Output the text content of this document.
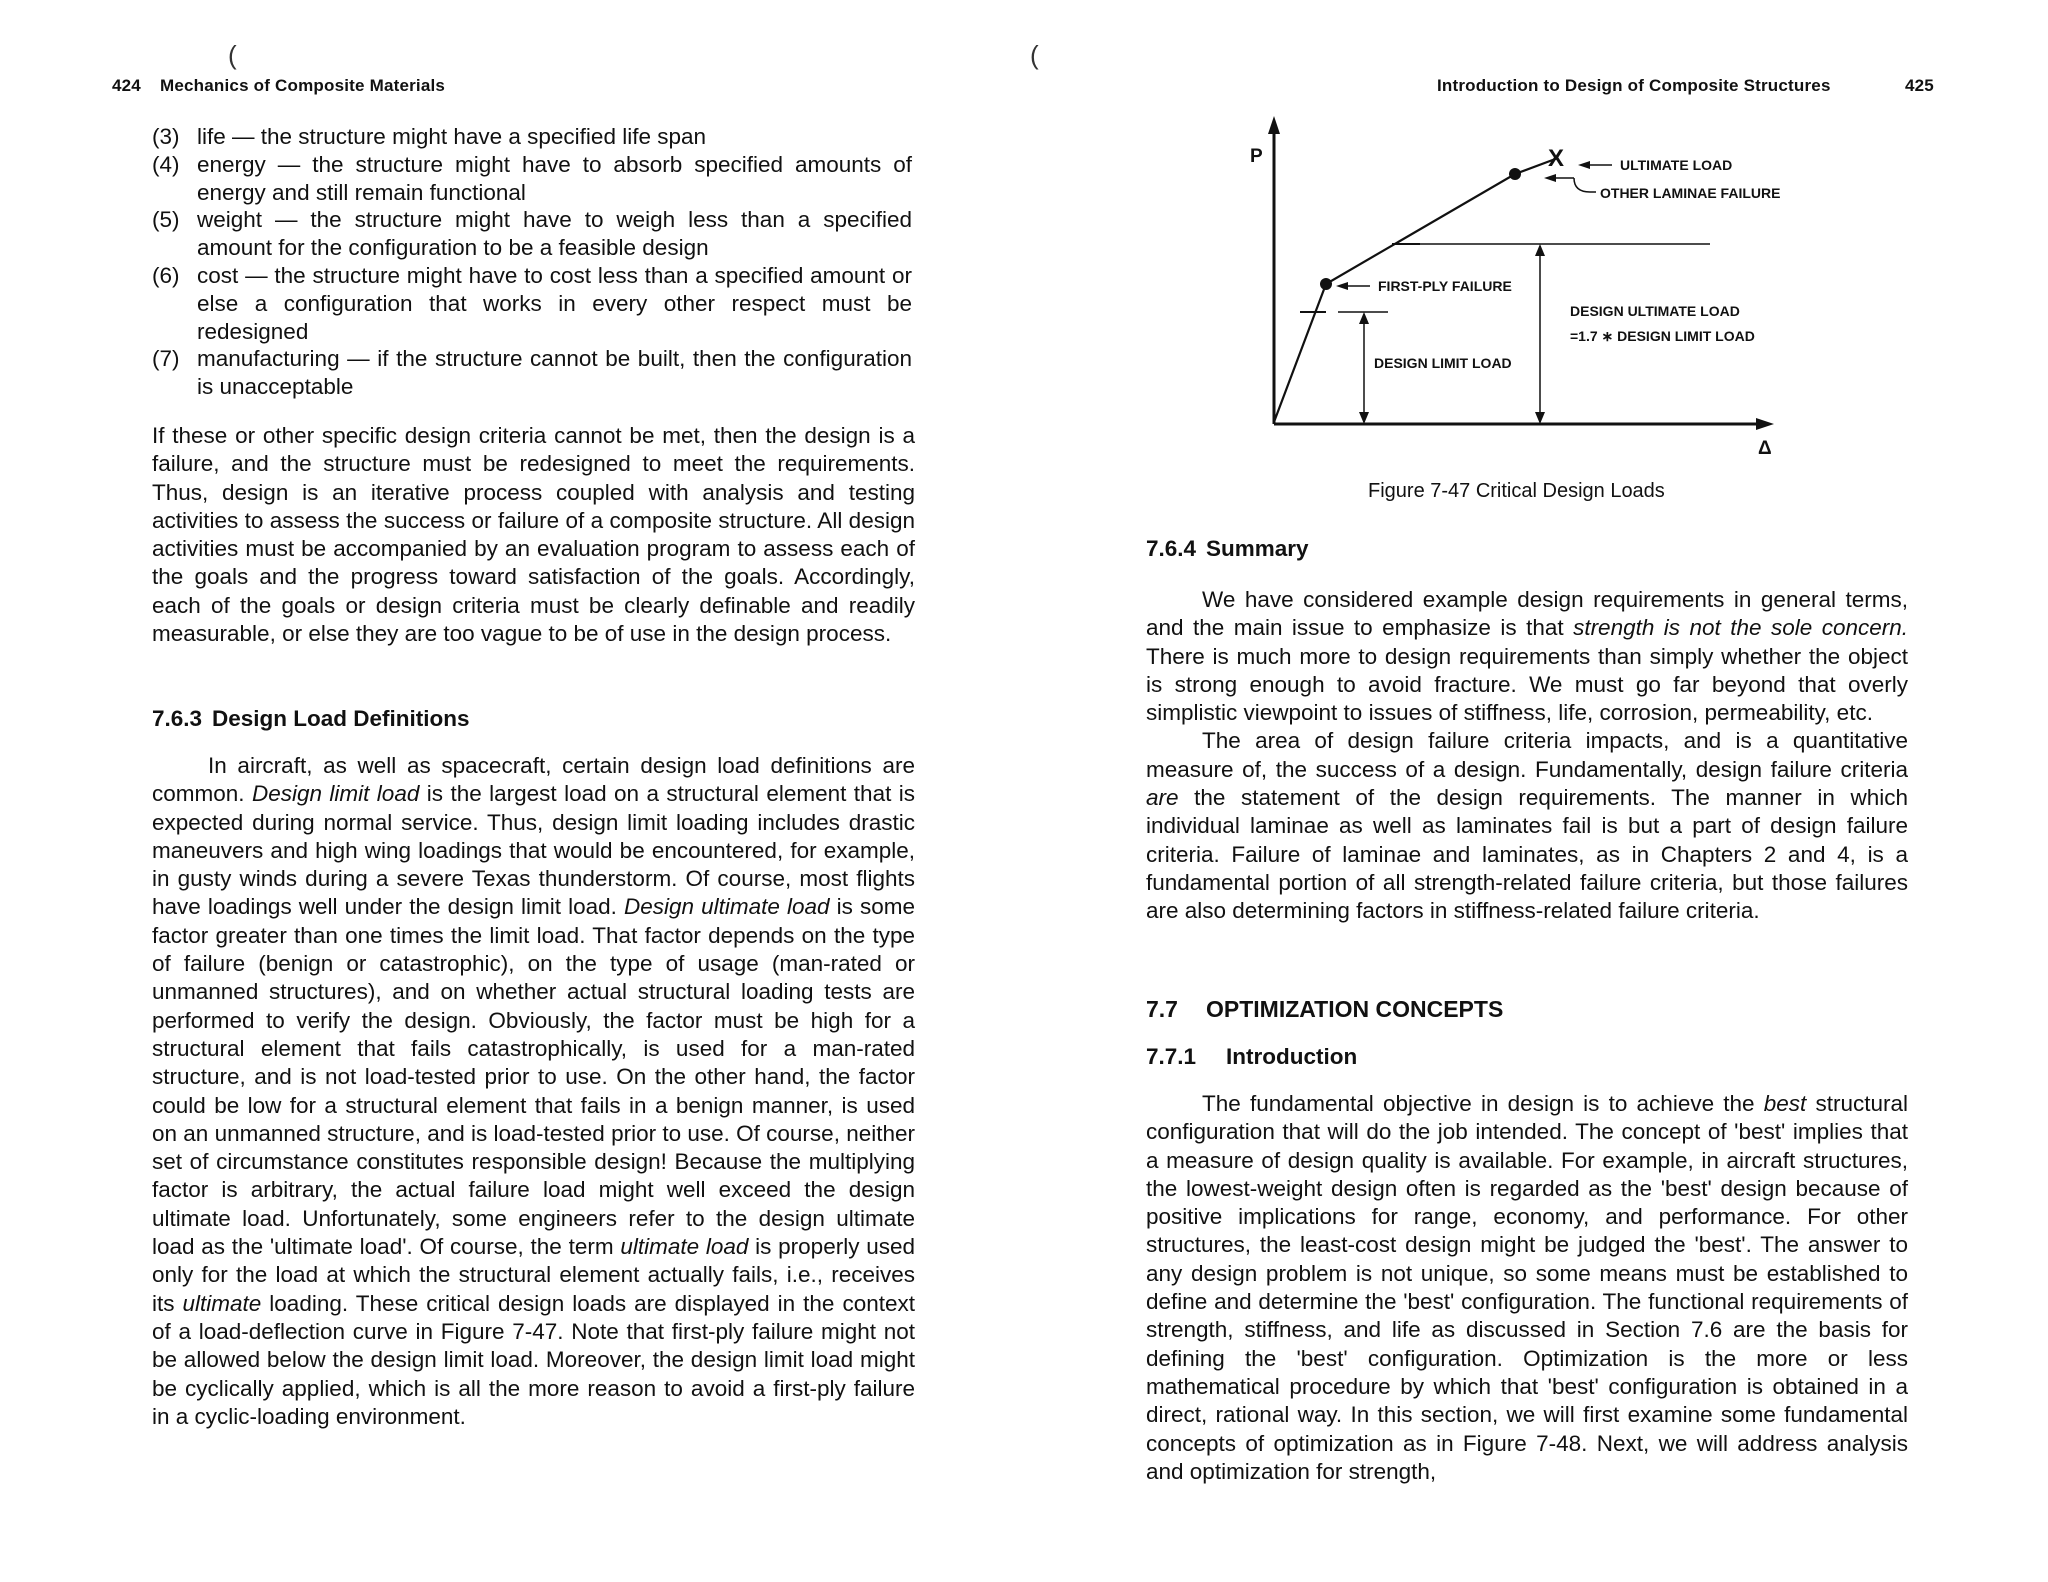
424 Mechanics of Composite Materials
(	(
(3) life — the structure might have a specified life span
(4) energy — the structure might have to absorb specified amounts of energy and still remain functional
(5) weight — the structure might have to weigh less than a specified amount for the configuration to be a feasible design
(6) cost — the structure might have to cost less than a specified amount or else a configuration that works in every other respect must be redesigned
(7) manufacturing — if the structure cannot be built, then the configuration is unacceptable

If these or other specific design criteria cannot be met, then the design is a failure, and the structure must be redesigned to meet the requirements. Thus, design is an iterative process coupled with analysis and testing activities to assess the success or failure of a composite structure. All design activities must be accompanied by an evaluation program to assess each of the goals and the progress toward satisfaction of the goals. Accordingly, each of the goals or design criteria must be clearly definable and readily measurable, or else they are too vague to be of use in the design process.

7.6.3 Design Load Definitions

In aircraft, as well as spacecraft, certain design load definitions are common. Design limit load is the largest load on a structural element that is expected during normal service. Thus, design limit loading includes drastic maneuvers and high wing loadings that would be encountered, for example, in gusty winds during a severe Texas thunderstorm. Of course, most flights have loadings well under the design limit load. Design ultimate load is some factor greater than one times the limit load. That factor depends on the type of failure (benign or catastrophic), on the type of usage (man-rated or unmanned structures), and on whether actual structural loading tests are performed to verify the design. Obviously, the factor must be high for a structural element that fails catastrophically, is used for a man-rated structure, and is not load-tested prior to use. On the other hand, the factor could be low for a structural element that fails in a benign manner, is used on an unmanned structure, and is load-tested prior to use. Of course, neither set of circumstance constitutes responsible design! Because the multiplying factor is arbitrary, the actual failure load might well exceed the design ultimate load. Unfortunately, some engineers refer to the design ultimate load as the 'ultimate load'. Of course, the term ultimate load is properly used only for the load at which the structural element actually fails, i.e., receives its ultimate loading. These critical design loads are displayed in the context of a load-deflection curve in Figure 7-47. Note that first-ply failure might not be allowed below the design limit load. Moreover, the design limit load might be cyclically applied, which is all the more reason to avoid a first-ply failure in a cyclic-loading environment.

Introduction to Design of Composite Structures	425
P
Δ
X	ULTIMATE LOAD
OTHER LAMINAE FAILURE
FIRST-PLY FAILURE
DESIGN ULTIMATE LOAD
=1.7 ∗ DESIGN LIMIT LOAD
DESIGN LIMIT LOAD
Figure 7-47 Critical Design Loads
7.6.4 Summary

We have considered example design requirements in general terms, and the main issue to emphasize is that strength is not the sole concern. There is much more to design requirements than simply whether the object is strong enough to avoid fracture. We must go far beyond that overly simplistic viewpoint to issues of stiffness, life, corrosion, permeability, etc.

The area of design failure criteria impacts, and is a quantitative measure of, the success of a design. Fundamentally, design failure criteria are the statement of the design requirements. The manner in which individual laminae as well as laminates fail is but a part of design failure criteria. Failure of laminae and laminates, as in Chapters 2 and 4, is a fundamental portion of all strength-related failure criteria, but those failures are also determining factors in stiffness-related failure criteria.

7.7 OPTIMIZATION CONCEPTS
7.7.1 Introduction

The fundamental objective in design is to achieve the best structural configuration that will do the job intended. The concept of 'best' implies that a measure of design quality is available. For example, in aircraft structures, the lowest-weight design often is regarded as the 'best' design because of positive implications for range, economy, and performance. For other structures, the least-cost design might be judged the 'best'. The answer to any design problem is not unique, so some means must be established to define and determine the 'best' configuration. The functional requirements of strength, stiffness, and life as discussed in Section 7.6 are the basis for defining the 'best' configuration. Optimization is the more or less mathematical procedure by which that 'best' configuration is obtained in a direct, rational way. In this section, we will first examine some fundamental concepts of optimization as in Figure 7-48. Next, we will address analysis and optimization for strength,
